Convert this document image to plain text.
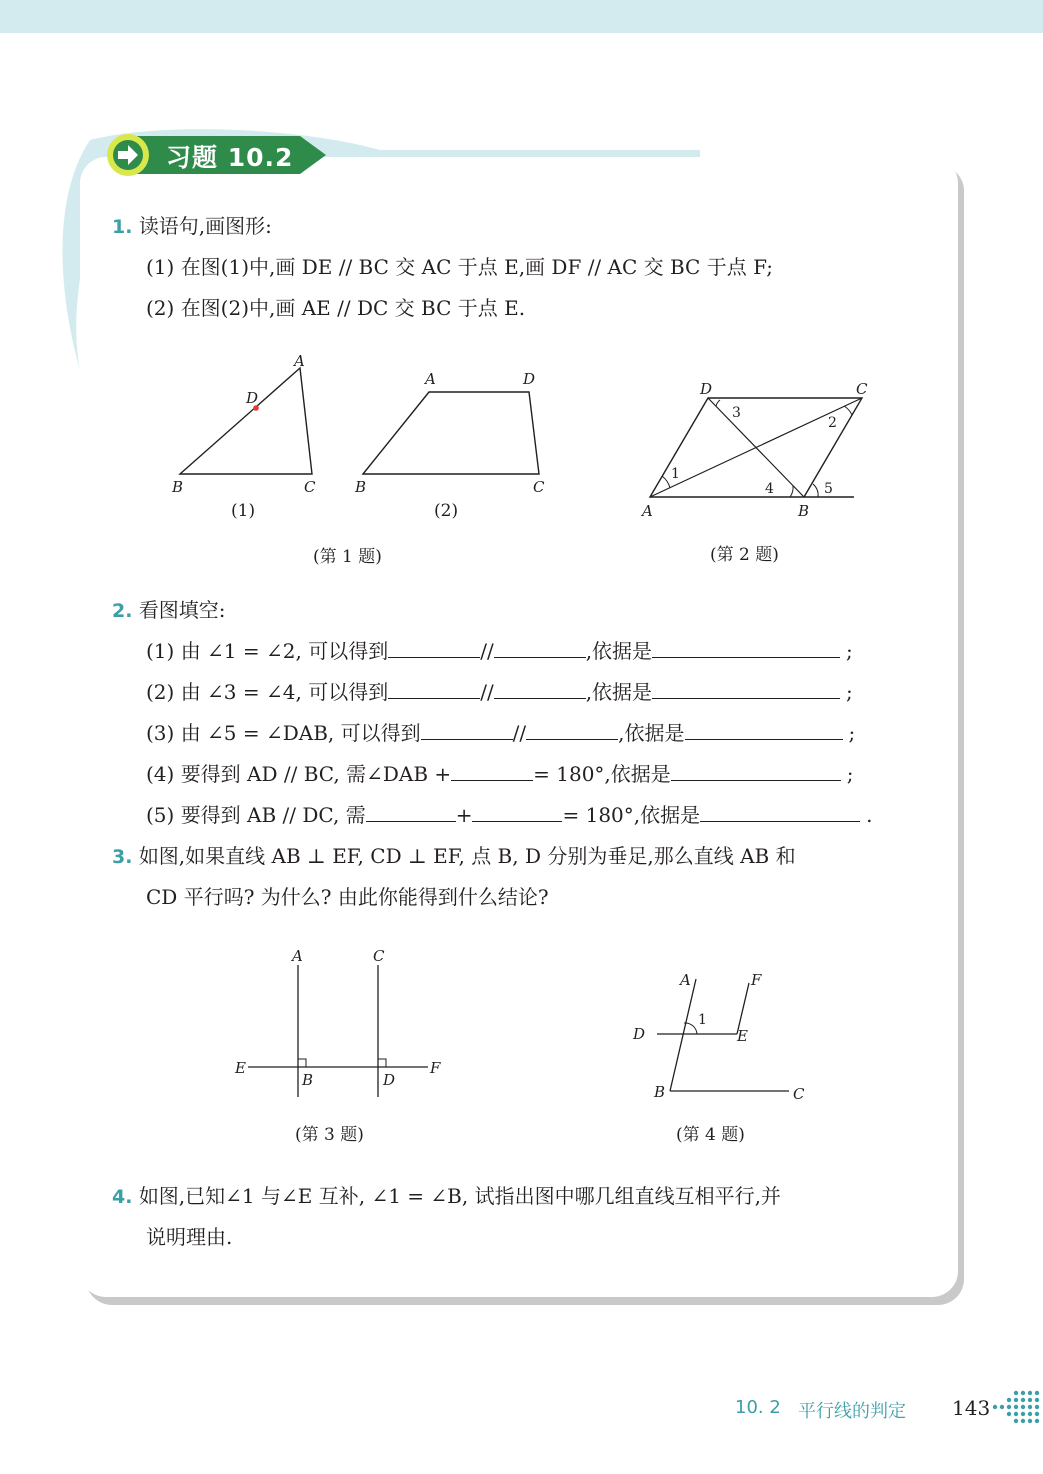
习题 10.2
1. 读语句,画图形:
(1) 在图(1)中,画 DE // BC 交 AC 于点 E,画 DF // AC 交 BC 于点 F;
(2) 在图(2)中,画 AE // DC 交 BC 于点 E.
A
D
B	C
(1)
A	D
B	C
(2)
(第 1 题)
D	C
A	B
1
2
3
4	5
(第 2 题)
2. 看图填空:
(1) 由 ∠1 = ∠2, 可以得到	//	,依据是	;
(2) 由 ∠3 = ∠4, 可以得到	//	,依据是	;
(3) 由 ∠5 = ∠DAB, 可以得到	//	,依据是	;
(4) 要得到 AD // BC, 需∠DAB +	= 180°,依据是	;
(5) 要得到 AB // DC, 需	+	= 180°,依据是	.
3. 如图,如果直线 AB ⊥ EF, CD ⊥ EF, 点 B, D 分别为垂足,那么直线 AB 和
CD 平行吗? 为什么? 由此你能得到什么结论?
A	C
E	F
B	D
(第 3 题)
A	F
D	E
B	C
1
(第 4 题)
4. 如图,已知∠1 与∠E 互补, ∠1 = ∠B, 试指出图中哪几组直线互相平行,并
说明理由.
10. 2 平行线的判定 143
